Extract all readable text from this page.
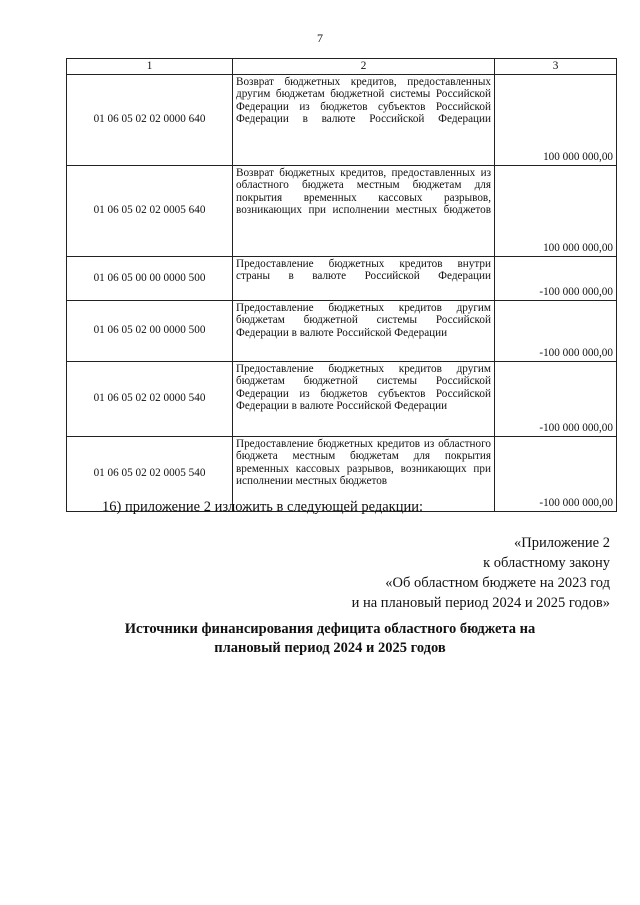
7
1	2	3
01 06 05 02 02 0000 640	Возврат бюджетных кредитов, предоставленных другим бюджетам бюджетной системы Российской Федерации из бюджетов субъектов Российской Федерации в валюте Российской Федерации	100 000 000,00
01 06 05 02 02 0005 640	Возврат бюджетных кредитов, предоставленных из областного бюджета местным бюджетам для покрытия временных кассовых разрывов, возникающих при исполнении местных бюджетов	100 000 000,00
01 06 05 00 00 0000 500	Предоставление бюджетных кредитов внутри страны в валюте Российской Федерации	-100 000 000,00
01 06 05 02 00 0000 500	Предоставление бюджетных кредитов другим бюджетам бюджетной системы Российской Федерации в валюте Российской Федерации	-100 000 000,00
01 06 05 02 02 0000 540	Предоставление бюджетных кредитов другим бюджетам бюджетной системы Российской Федерации из бюджетов субъектов Российской Федерации в валюте Российской Федерации	-100 000 000,00
01 06 05 02 02 0005 540	Предоставление бюджетных кредитов из областного бюджета местным бюджетам для покрытия временных кассовых разрывов, возникающих при исполнении местных бюджетов	-100 000 000,00
16) приложение 2 изложить в следующей редакции:
«Приложение 2
к областному закону
«Об областном бюджете на 2023 год
и на плановый период 2024 и 2025 годов»
Источники финансирования дефицита областного бюджета на
плановый период 2024 и 2025 годов
